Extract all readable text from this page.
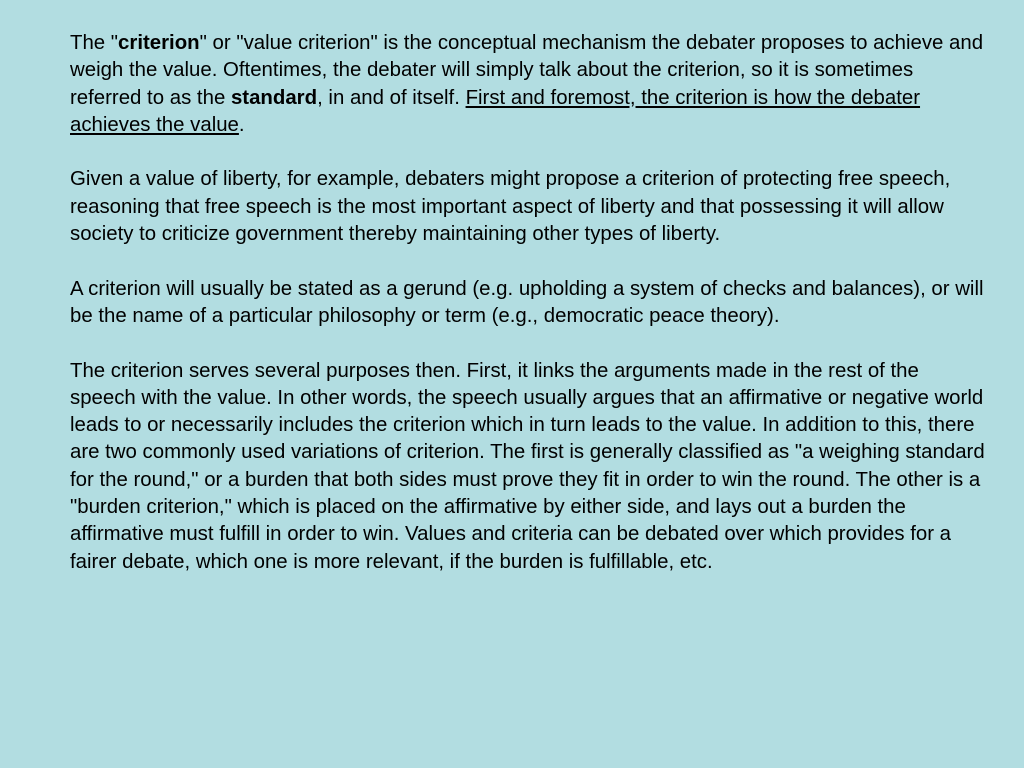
The "criterion" or "value criterion" is the conceptual mechanism the debater proposes to achieve and weigh the value. Oftentimes, the debater will simply talk about the criterion, so it is sometimes referred to as the standard, in and of itself. First and foremost, the criterion is how the debater achieves the value.

Given a value of liberty, for example, debaters might propose a criterion of protecting free speech, reasoning that free speech is the most important aspect of liberty and that possessing it will allow society to criticize government thereby maintaining other types of liberty.

A criterion will usually be stated as a gerund (e.g. upholding a system of checks and balances), or will be the name of a particular philosophy or term (e.g., democratic peace theory).

The criterion serves several purposes then. First, it links the arguments made in the rest of the speech with the value. In other words, the speech usually argues that an affirmative or negative world leads to or necessarily includes the criterion which in turn leads to the value. In addition to this, there are two commonly used variations of criterion. The first is generally classified as "a weighing standard for the round," or a burden that both sides must prove they fit in order to win the round. The other is a "burden criterion," which is placed on the affirmative by either side, and lays out a burden the affirmative must fulfill in order to win. Values and criteria can be debated over which provides for a fairer debate, which one is more relevant, if the burden is fulfillable, etc.
